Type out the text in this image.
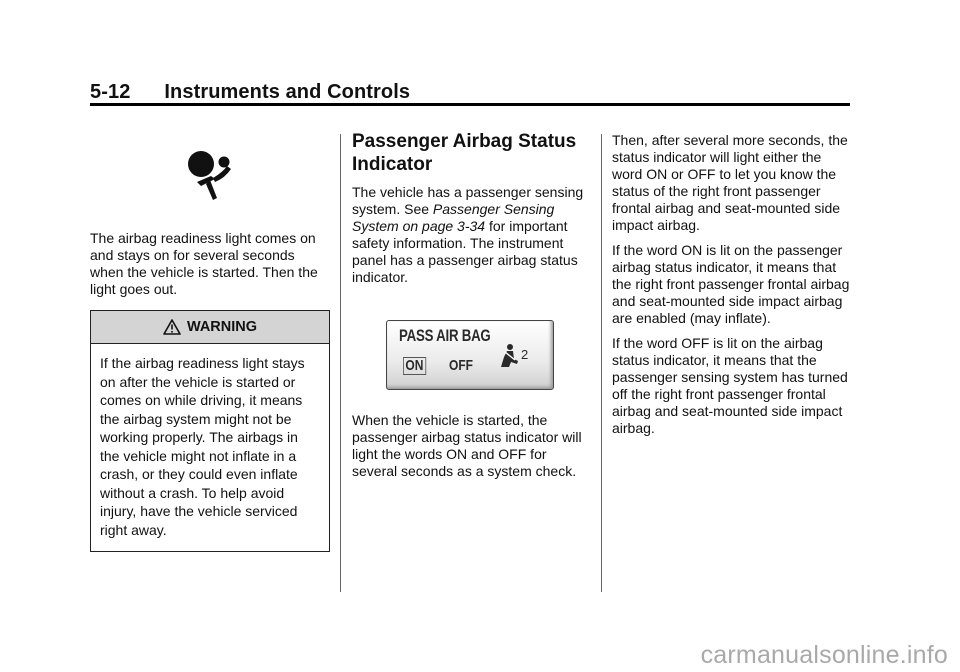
5-12      Instruments and Controls

The airbag readiness light comes on and stays on for several seconds when the vehicle is started. Then the light goes out.

WARNING
If the airbag readiness light stays on after the vehicle is started or comes on while driving, it means the airbag system might not be working properly. The airbags in the vehicle might not inflate in a crash, or they could even inflate without a crash. To help avoid injury, have the vehicle serviced right away.
Passenger Airbag Status Indicator

The vehicle has a passenger sensing system. See Passenger Sensing System on page 3-34 for important safety information. The instrument panel has a passenger airbag status indicator.

PASS AIR BAG
ON OFF
2

When the vehicle is started, the passenger airbag status indicator will light the words ON and OFF for several seconds as a system check.

Then, after several more seconds, the status indicator will light either the word ON or OFF to let you know the status of the right front passenger frontal airbag and seat-mounted side impact airbag.

If the word ON is lit on the passenger airbag status indicator, it means that the right front passenger frontal airbag and seat-mounted side impact airbag are enabled (may inflate).

If the word OFF is lit on the airbag status indicator, it means that the passenger sensing system has turned off the right front passenger frontal airbag and seat-mounted side impact airbag.

carmanualsonline.info
